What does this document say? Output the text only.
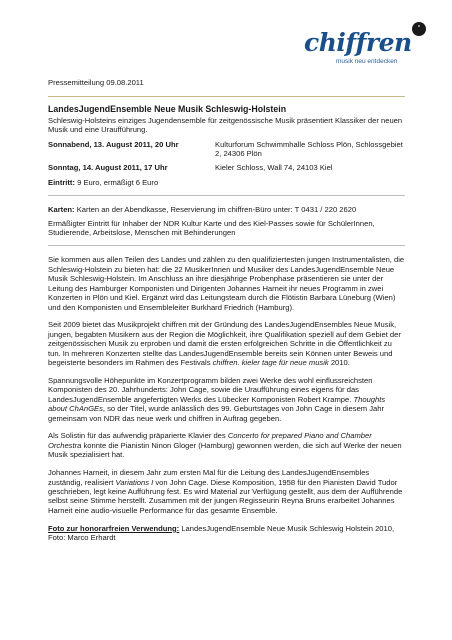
chiffren
musik neu entdecken
°
Pressemitteilung 09.08.2011
LandesJugendEnsemble Neue Musik Schleswig-Holstein
Schleswig-Holsteins einziges Jugendensemble für zeitgenössische Musik präsentiert Klassiker der neuen Musik und eine Uraufführung.
Sonnabend, 13. August 2011, 20 Uhr	Kulturforum Schwimmhalle Schloss Plön, Schlossgebiet 2, 24306 Plön
Sonntag, 14. August 2011, 17 Uhr	Kieler Schloss, Wall 74, 24103 Kiel
Eintritt: 9 Euro, ermäßigt 6 Euro
Karten: Karten an der Abendkasse, Reservierung im chiffren-Büro unter: T 0431 / 220 2620
Ermäßigter Eintritt für Inhaber der NDR Kultur Karte und des Kiel-Passes sowie für SchülerInnen, Studierende, Arbeitslose, Menschen mit Behinderungen

Sie kommen aus allen Teilen des Landes und zählen zu den qualifiziertesten jungen Instrumentalisten, die Schleswig-Holstein zu bieten hat: die 22 MusikerInnen und Musiker des LandesJugendEnsemble Neue Musik Schleswig-Holstein. Im Anschluss an ihre diesjährige Probenphase präsentieren sie unter der Leitung des Hamburger Komponisten und Dirigenten Johannes Harneit ihr neues Programm in zwei Konzerten in Plön und Kiel. Ergänzt wird das Leitungsteam durch die Flötistin Barbara Lüneburg (Wien) und den Komponisten und Ensembleleiter Burkhard Friedrich (Hamburg).

Seit 2009 bietet das Musikprojekt chiffren mit der Gründung des LandesJugendEnsembles Neue Musik, jungen, begabten Musikern aus der Region die Möglichkeit, ihre Qualifikation speziell auf dem Gebiet der zeitgenössischen Musik zu erproben und damit die ersten erfolgreichen Schritte in die Öffentlichkeit zu tun. In mehreren Konzerten stellte das LandesJugendEnsemble bereits sein Können unter Beweis und begeisterte besonders im Rahmen des Festivals chiffren. kieler tage für neue musik 2010.

Spannungsvolle Höhepunkte im Konzertprogramm bilden zwei Werke des wohl einflussreichsten Komponisten des 20. Jahrhunderts: John Cage, sowie die Uraufführung eines eigens für das LandesJugendEnsemble angefertigten Werks des Lübecker Komponisten Robert Krampe. Thoughts about ChAnGEs, so der Titel, wurde anlässlich des 99. Geburtstages von John Cage in diesem Jahr gemeinsam von NDR das neue werk und chiffren in Auftrag gegeben.

Als Solistin für das aufwendig präparierte Klavier des Concerto for prepared Piano and Chamber Orchestra konnte die Pianistin Ninon Gloger (Hamburg) gewonnen werden, die sich auf Werke der neuen Musik spezialisiert hat.

Johannes Harneit, in diesem Jahr zum ersten Mal für die Leitung des LandesJugendEnsembles zuständig, realisiert Variations I von John Cage. Diese Komposition, 1958 für den Pianisten David Tudor geschrieben, legt keine Aufführung fest. Es wird Material zur Verfügung gestellt, aus dem der Aufführende selbst seine Stimme herstellt. Zusammen mit der jungen Regisseurin Reyna Bruns erarbeitet Johannes Harneit eine audio-visuelle Performance für das gesamte Ensemble.

Foto zur honorarfreien Verwendung: LandesJugendEnsemble Neue Musik Schleswig Holstein 2010, Foto: Marco Erhardt
